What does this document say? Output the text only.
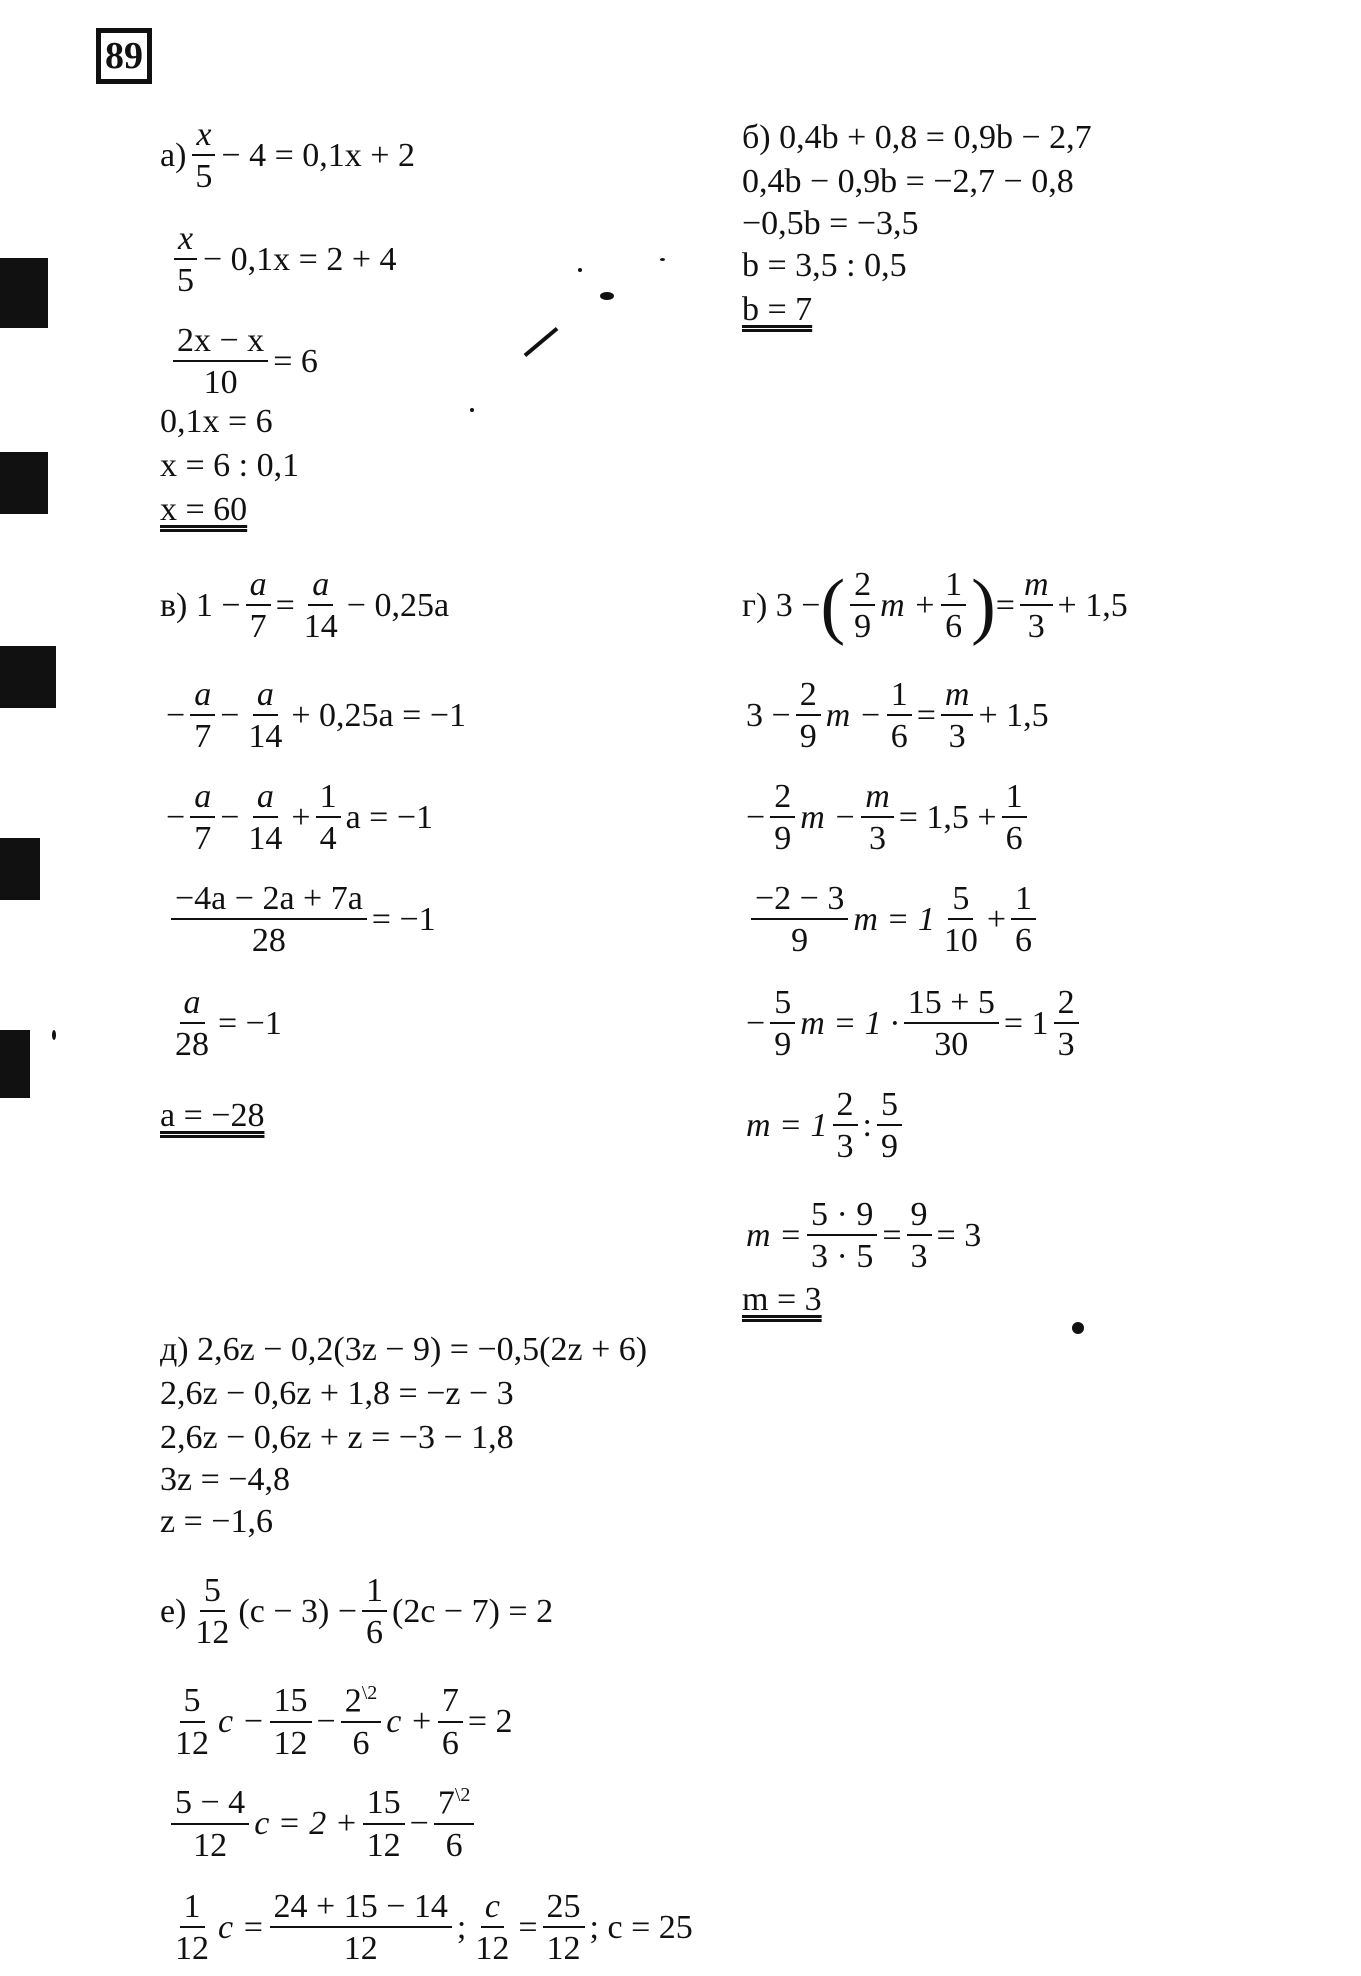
89
а)
x
5
− 4 = 0,1x + 2
x
5
− 0,1x = 2 + 4
$\frac{2x - x}{10} = 6$
0,1x = 6
x = 6 : 0,1
x = 60
б)
0,4b + 0,8 = 0,9b − 2,7
0,4b − 0,9b = −2,7 − 0,8
−0,5b = −3,5
b = 3,5 : 0,5
b = 7
в)
$1 - \frac{a}{7} = \frac{a}{14} - 0,25a$
− $\frac{a}{7} - \frac{a}{14} + 0,25a = -1$
− $\frac{a}{7} - \frac{a}{14} + \frac{1}{4}$ a = −1
$\frac{-4a - 2a + 7a}{28} = -1$
$\frac{a}{28} = -1$
a = −28
г)
3 − ( 2
9
$m + \frac{1}{6}$ ) = $\frac{m}{3} + 1,5$
$3 - \frac{2}{9}$ $m - \frac{1}{6} = \frac{m}{3} + 1,5$
− $\frac{2}{9}$ $m - \frac{m}{3} = 1,5 + \frac{1}{6}$
−2 − 3
9
m = 1
5
10
+ $\frac{1}{6}$
− $\frac{5}{9}$ $m = 1 \cdot \frac{15 + 5}{30} = 1$
2
3
m = 1
2
3
:
5
9
$m = \frac{5 \cdot 9}{3 \cdot 5} = \frac{9}{3} = 3$
m = 3
д)
2,6z − 0,2(3z − 9) = −0,5(2z + 6)
2,6z − 0,6z + 1,8 = −z − 3
2,6z − 0,6z + z = −3 − 1,8
3z = −4,8
z = −1,6
е)
5
12
$(c - 3) - \frac{1}{6} (2c - 7) = 2$
5
12
$c - \frac{15}{12} - \frac{2^{\backslash 2}}{6}$ $c + \frac{7}{6} = 2$
5 − 4
12
$c = 2 + \frac{15}{12} - \frac{7^{\backslash 2}}{6}$
1
12
$c = \frac{24 + 15 - 14}{12}$ ; $\frac{c}{12} = \frac{25}{12}$ ; c = 25
